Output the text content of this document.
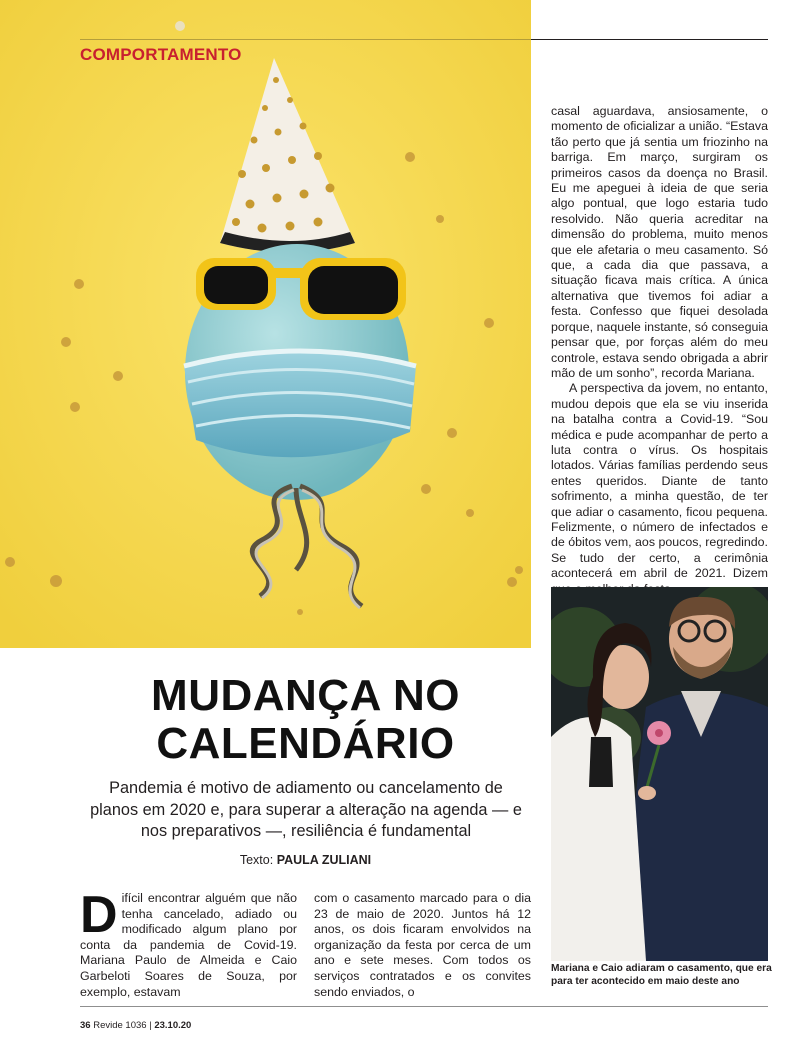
COMPORTAMENTO

casal aguardava, ansiosamente, o momento de oficializar a união. “Estava tão perto que já sentia um friozinho na barriga. Em março, surgiram os primeiros casos da doença no Brasil. Eu me apeguei à ideia de que seria algo pontual, que logo estaria tudo resolvido. Não queria acreditar na dimensão do problema, muito menos que ele afetaria o meu casamento. Só que, a cada dia que passava, a situação ficava mais crítica. A única alternativa que tivemos foi adiar a festa. Confesso que fiquei desolada porque, naquele instante, só conseguia pensar que, por forças além do meu controle, estava sendo obrigada a abrir mão de um sonho”, recorda Mariana.

A perspectiva da jovem, no entanto, mudou depois que ela se viu inserida na batalha contra a Covid-19. “Sou médica e pude acompanhar de perto a luta contra o vírus. Os hospitais lotados. Várias famílias perdendo seus entes queridos. Diante de tanto sofrimento, a minha questão, de ter que adiar o casamento, ficou pequena. Felizmente, o número de infectados e de óbitos vem, aos poucos, regredindo. Se tudo der certo, a cerimônia acontecerá em abril de 2021. Dizem

Mariana e Caio adiaram o casamento, que era para ter acontecido em maio deste ano
MUDANÇA NO
CALENDÁRIO
Pandemia é motivo de adiamento ou cancelamento de planos em 2020 e, para superar a alteração na agenda — e nos preparativos —, resiliência é fundamental
Texto: PAULA ZULIANI

Difícil encontrar alguém que não tenha cancelado, adiado ou modificado algum plano por conta da pandemia de Covid-19. Mariana Paulo de Almeida e Caio Garbeloti Soares de Souza, por exemplo, estavam

com o casamento marcado para o dia 23 de maio de 2020. Juntos há 12 anos, os dois ficaram envolvidos na organização da festa por cerca de um ano e sete meses. Com todos os serviços contratados e os convites sendo enviados, o

36 Revide 1036 | 23.10.20
